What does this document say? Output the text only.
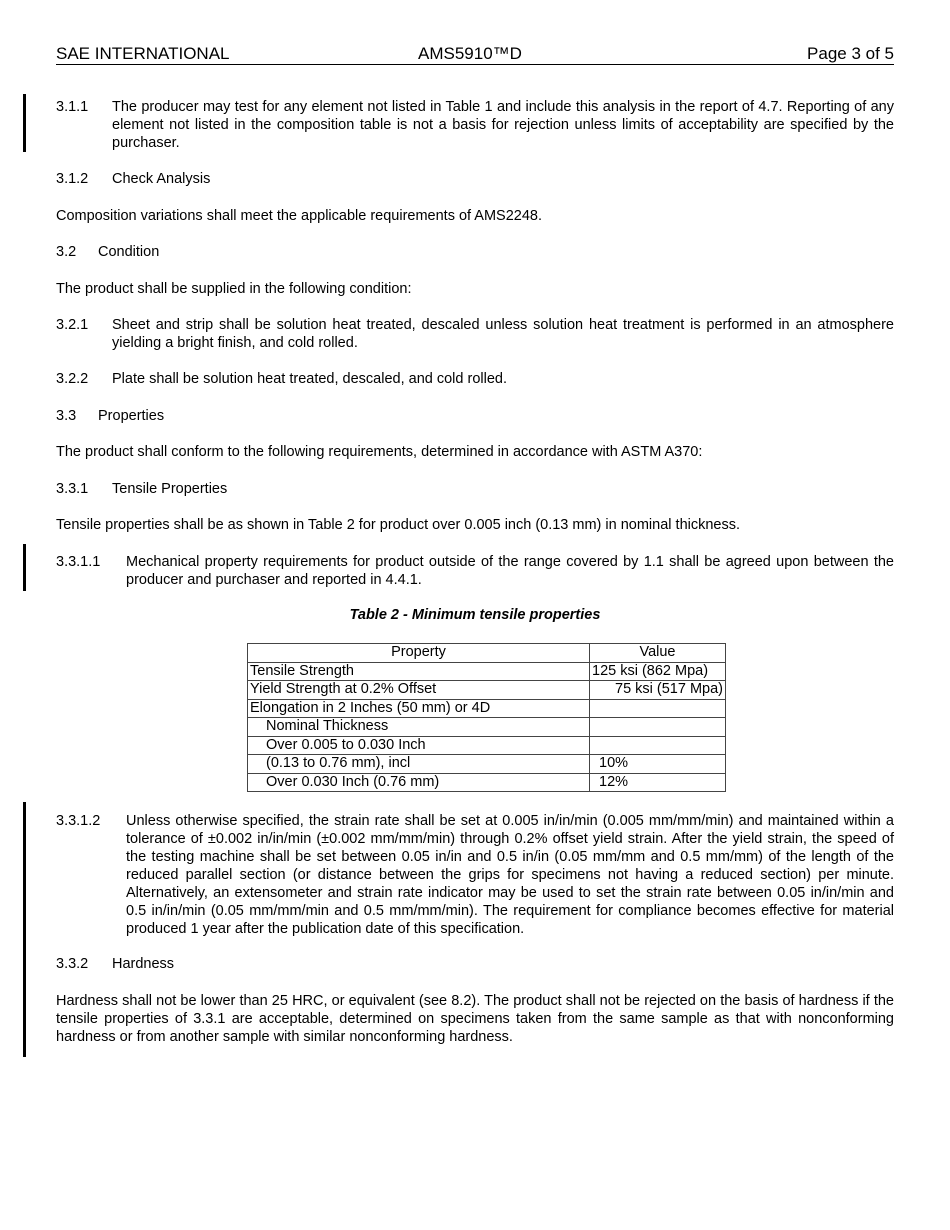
SAE INTERNATIONAL	AMS5910™D	Page 3 of 5
3.1.1 The producer may test for any element not listed in Table 1 and include this analysis in the report of 4.7. Reporting of any element not listed in the composition table is not a basis for rejection unless limits of acceptability are specified by the purchaser.
3.1.2 Check Analysis
Composition variations shall meet the applicable requirements of AMS2248.
3.2 Condition
The product shall be supplied in the following condition:
3.2.1 Sheet and strip shall be solution heat treated, descaled unless solution heat treatment is performed in an atmosphere yielding a bright finish, and cold rolled.
3.2.2 Plate shall be solution heat treated, descaled, and cold rolled.
3.3 Properties
The product shall conform to the following requirements, determined in accordance with ASTM A370:
3.3.1 Tensile Properties
Tensile properties shall be as shown in Table 2 for product over 0.005 inch (0.13 mm) in nominal thickness.
3.3.1.1 Mechanical property requirements for product outside of the range covered by 1.1 shall be agreed upon between the producer and purchaser and reported in 4.4.1.
Table 2 - Minimum tensile properties
Property	Value
Tensile Strength	125 ksi (862 Mpa)
Yield Strength at 0.2% Offset	75 ksi (517 Mpa)
Elongation in 2 Inches (50 mm) or 4D	
Nominal Thickness	
Over 0.005 to 0.030 Inch	
(0.13 to 0.76 mm), incl	10%
Over 0.030 Inch (0.76 mm)	12%
3.3.1.2 Unless otherwise specified, the strain rate shall be set at 0.005 in/in/min (0.005 mm/mm/min) and maintained within a tolerance of ±0.002 in/in/min (±0.002 mm/mm/min) through 0.2% offset yield strain. After the yield strain, the speed of the testing machine shall be set between 0.05 in/in and 0.5 in/in (0.05 mm/mm and 0.5 mm/mm) of the length of the reduced parallel section (or distance between the grips for specimens not having a reduced section) per minute. Alternatively, an extensometer and strain rate indicator may be used to set the strain rate between 0.05 in/in/min and 0.5 in/in/min (0.05 mm/mm/min and 0.5 mm/mm/min). The requirement for compliance becomes effective for material produced 1 year after the publication date of this specification.
3.3.2 Hardness
Hardness shall not be lower than 25 HRC, or equivalent (see 8.2). The product shall not be rejected on the basis of hardness if the tensile properties of 3.3.1 are acceptable, determined on specimens taken from the same sample as that with nonconforming hardness or from another sample with similar nonconforming hardness.
